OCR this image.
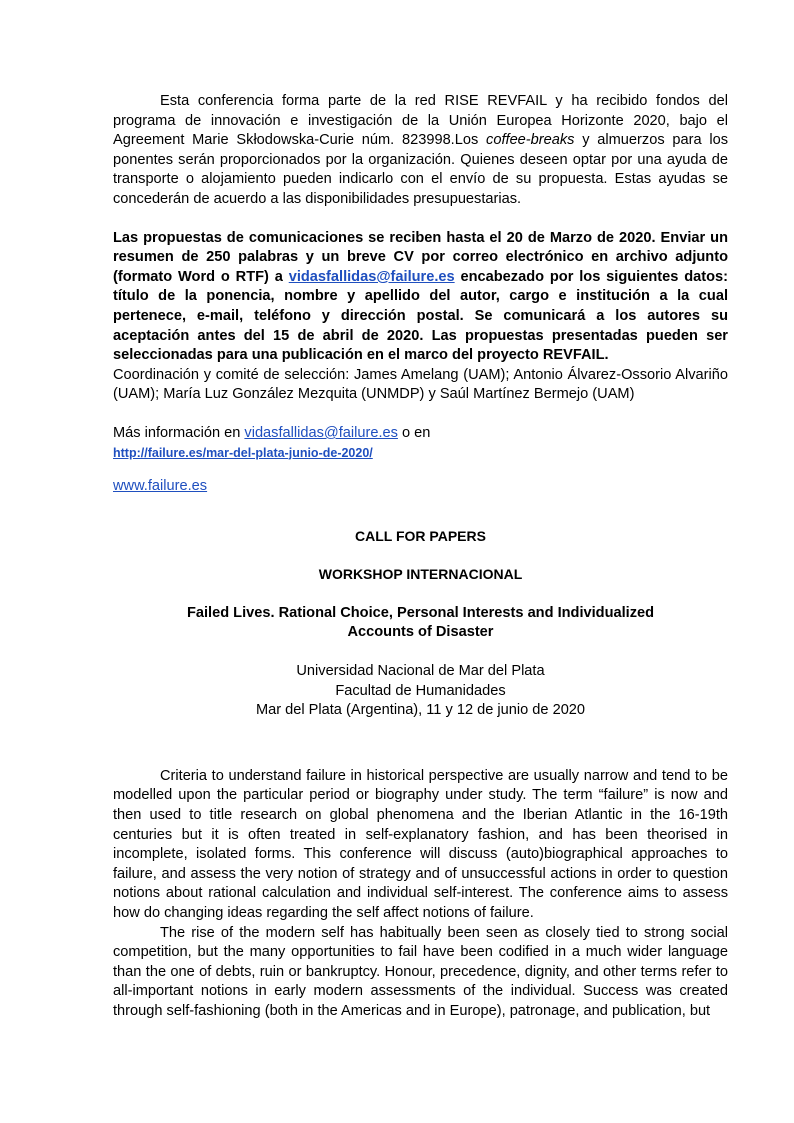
Esta conferencia forma parte de la red RISE REVFAIL y ha recibido fondos del programa de innovación e investigación de la Unión Europea Horizonte 2020, bajo el Agreement Marie Skłodowska-Curie núm. 823998.Los coffee-breaks y almuerzos para los ponentes serán proporcionados por la organización. Quienes deseen optar por una ayuda de transporte o alojamiento pueden indicarlo con el envío de su propuesta. Estas ayudas se concederán de acuerdo a las disponibilidades presupuestarias.

Las propuestas de comunicaciones se reciben hasta el 20 de Marzo de 2020. Enviar un resumen de 250 palabras y un breve CV por correo electrónico en archivo adjunto (formato Word o RTF) a vidasfallidas@failure.es encabezado por los siguientes datos: título de la ponencia, nombre y apellido del autor, cargo e institución a la cual pertenece, e-mail, teléfono y dirección postal. Se comunicará a los autores su aceptación antes del 15 de abril de 2020. Las propuestas presentadas pueden ser seleccionadas para una publicación en el marco del proyecto REVFAIL.

Coordinación y comité de selección: James Amelang (UAM); Antonio Álvarez-Ossorio Alvariño (UAM); María Luz González Mezquita (UNMDP) y Saúl Martínez Bermejo (UAM)

Más información en vidasfallidas@failure.es o en

http://failure.es/mar-del-plata-junio-de-2020/

www.failure.es

CALL FOR PAPERS

WORKSHOP INTERNACIONAL

Failed Lives. Rational Choice, Personal Interests and Individualized

Accounts of Disaster

Universidad Nacional de Mar del Plata

Facultad de Humanidades

Mar del Plata (Argentina), 11 y 12 de junio de 2020

Criteria to understand failure in historical perspective are usually narrow and tend to be modelled upon the particular period or biography under study. The term “failure” is now and then used to title research on global phenomena and the Iberian Atlantic in the 16-19th centuries but it is often treated in self-explanatory fashion, and has been theorised in incomplete, isolated forms. This conference will discuss (auto)biographical approaches to failure, and assess the very notion of strategy and of unsuccessful actions in order to question notions about rational calculation and individual self-interest. The conference aims to assess how do changing ideas regarding the self affect notions of failure.

The rise of the modern self has habitually been seen as closely tied to strong social competition, but the many opportunities to fail have been codified in a much wider language than the one of debts, ruin or bankruptcy. Honour, precedence, dignity, and other terms refer to all-important notions in early modern assessments of the individual. Success was created through self-fashioning (both in the Americas and in Europe), patronage, and publication, but
